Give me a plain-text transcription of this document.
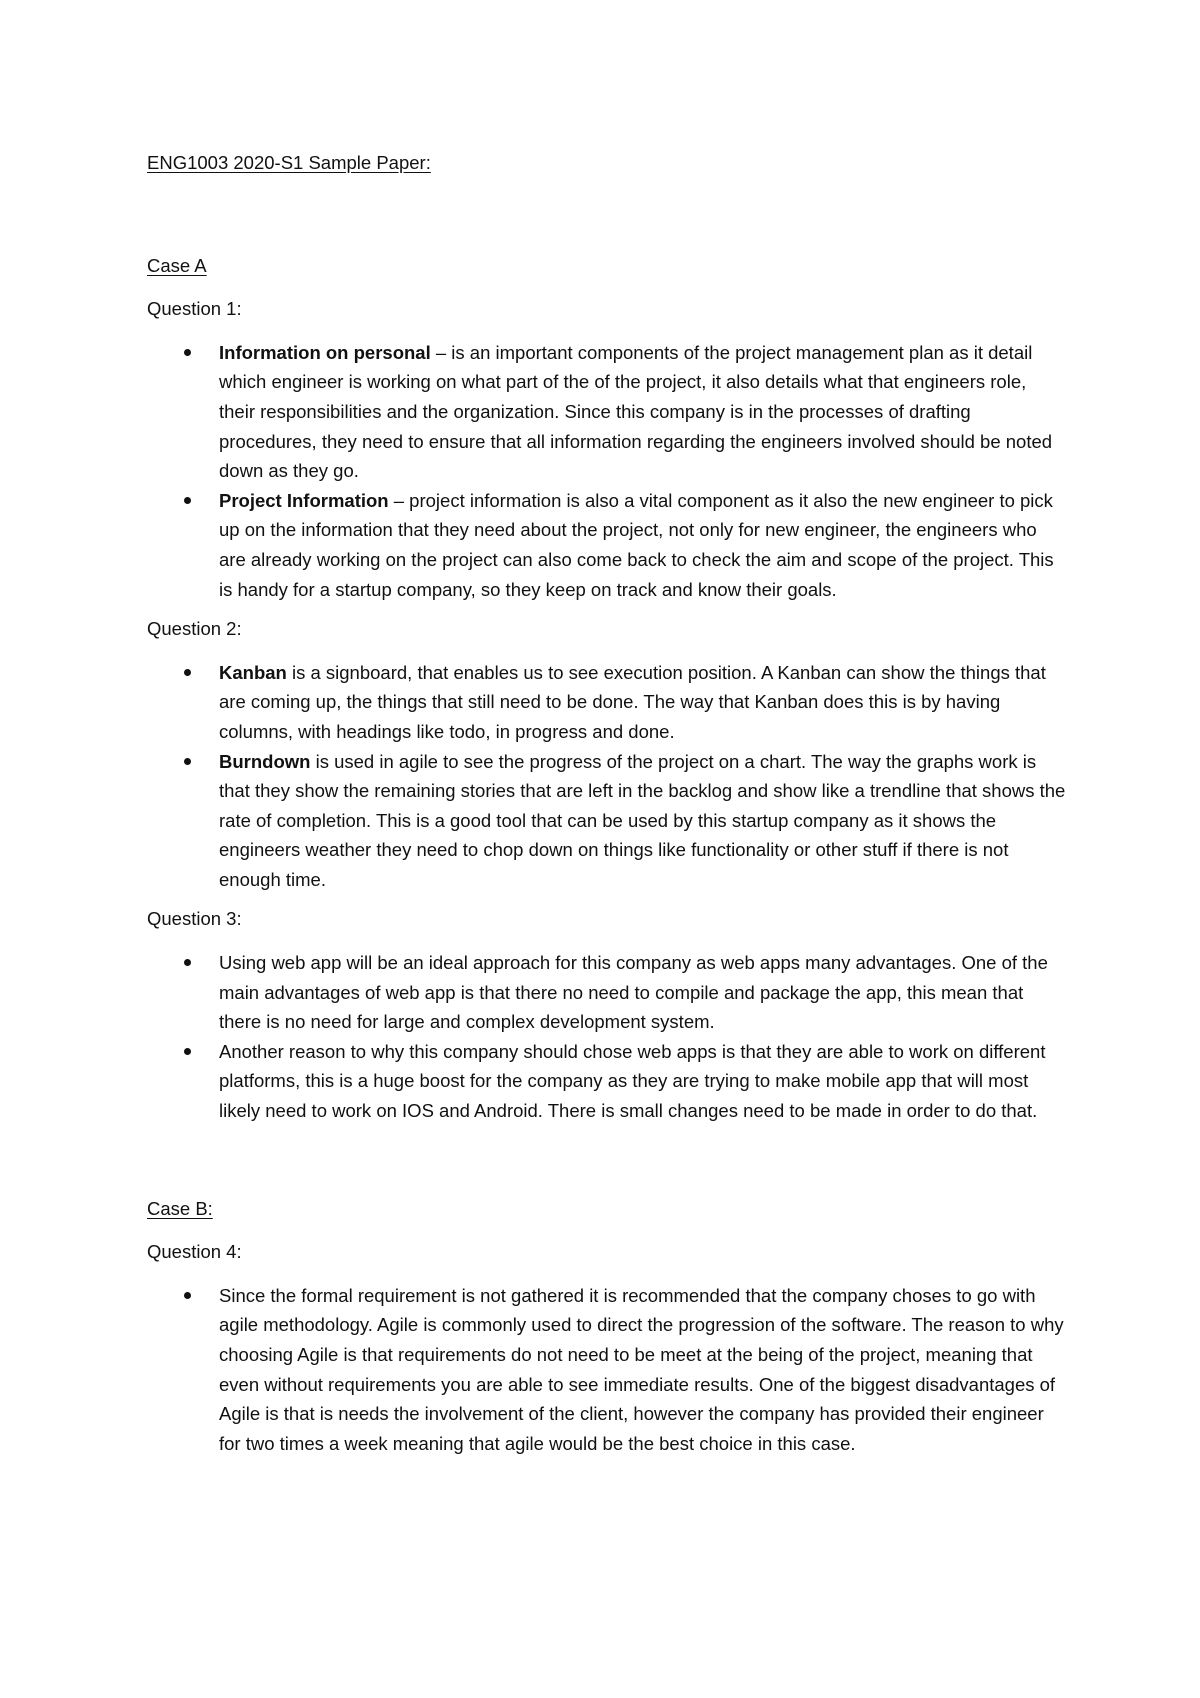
ENG1003 2020-S1 Sample Paper:

Case A

Question 1:

Information on personal – is an important components of the project management plan as it detail which engineer is working on what part of the of the project, it also details what that engineers role, their responsibilities and the organization. Since this company is in the processes of drafting procedures, they need to ensure that all information regarding the engineers involved should be noted down as they go.
Project Information – project information is also a vital component as it also the new engineer to pick up on the information that they need about the project, not only for new engineer, the engineers who are already working on the project can also come back to check the aim and scope of the project. This is handy for a startup company, so they keep on track and know their goals.

Question 2:

Kanban is a signboard, that enables us to see execution position. A Kanban can show the things that are coming up, the things that still need to be done. The way that Kanban does this is by having columns, with headings like todo, in progress and done.
Burndown is used in agile to see the progress of the project on a chart. The way the graphs work is that they show the remaining stories that are left in the backlog and show like a trendline that shows the rate of completion. This is a good tool that can be used by this startup company as it shows the engineers weather they need to chop down on things like functionality or other stuff if there is not enough time.

Question 3:

Using web app will be an ideal approach for this company as web apps many advantages. One of the main advantages of web app is that there no need to compile and package the app, this mean that there is no need for large and complex development system.
Another reason to why this company should chose web apps is that they are able to work on different platforms, this is a huge boost for the company as they are trying to make mobile app that will most likely need to work on IOS and Android. There is small changes need to be made in order to do that.

Case B:

Question 4:

Since the formal requirement is not gathered it is recommended that the company choses to go with agile methodology. Agile is commonly used to direct the progression of the software. The reason to why choosing Agile is that requirements do not need to be meet at the being of the project, meaning that even without requirements you are able to see immediate results. One of the biggest disadvantages of Agile is that is needs the involvement of the client, however the company has provided their engineer for two times a week meaning that agile would be the best choice in this case.
